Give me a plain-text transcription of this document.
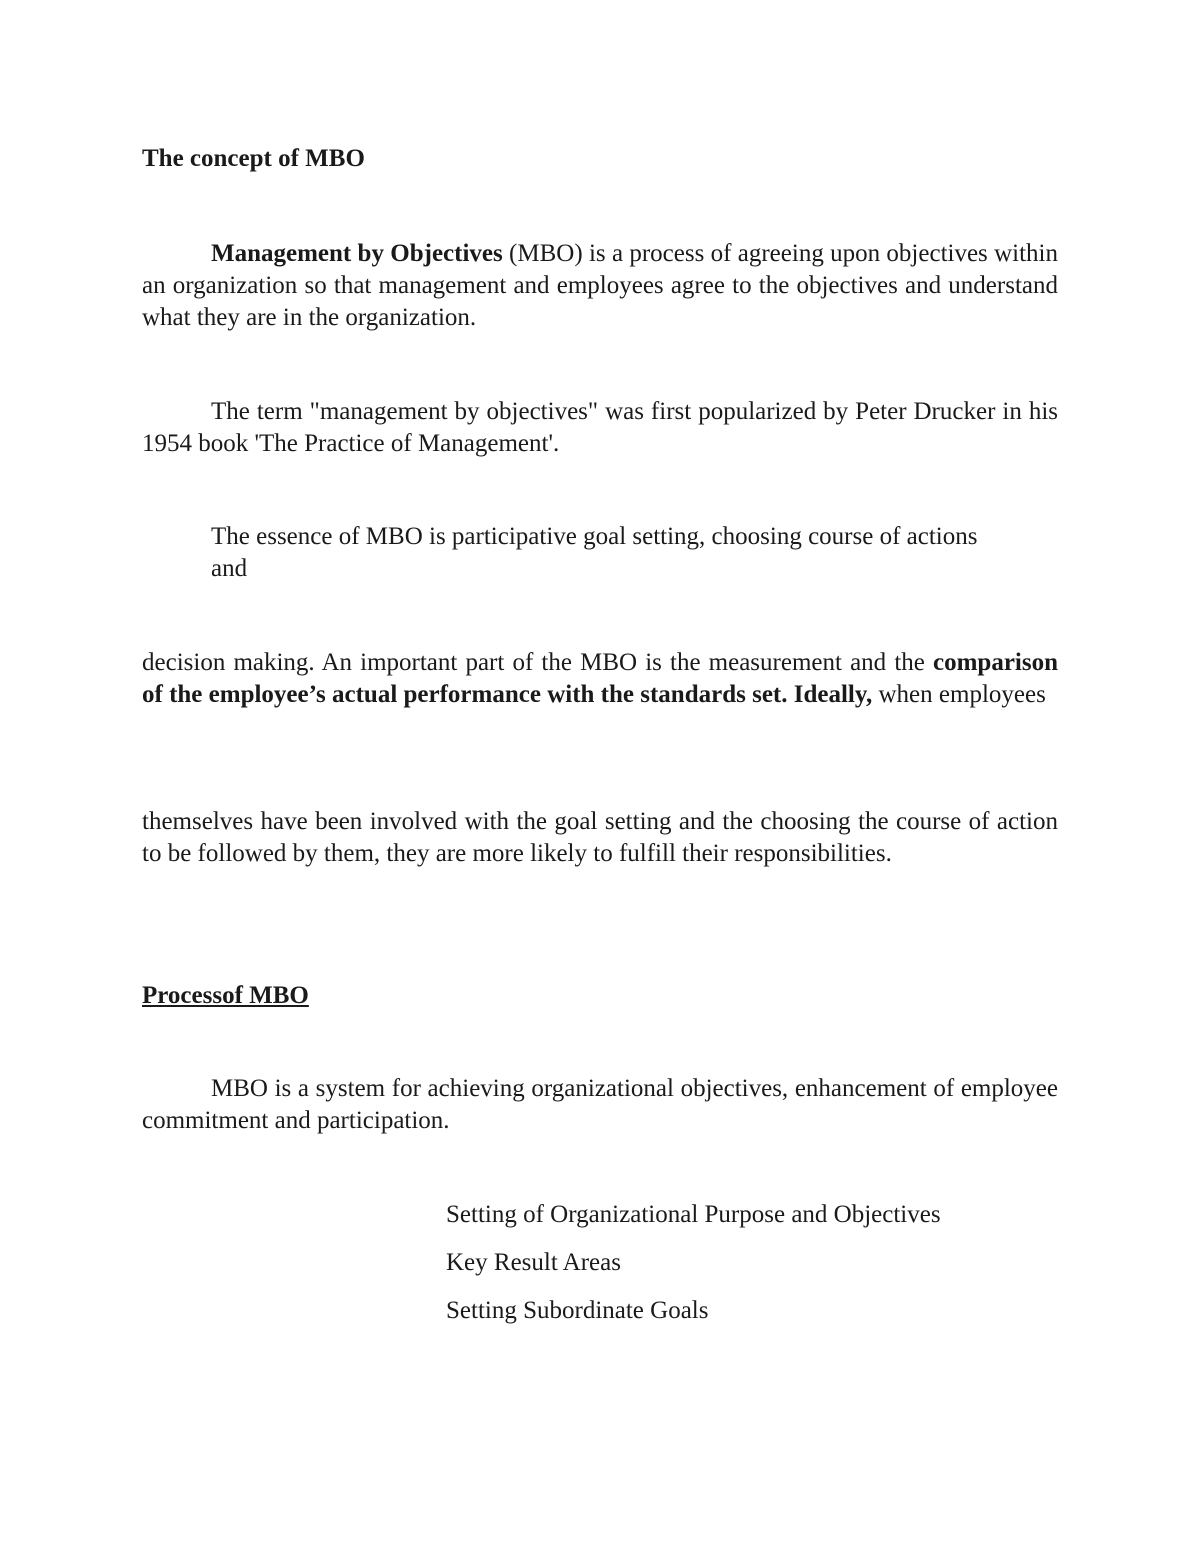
The concept of MBO
Management by Objectives (MBO) is a process of agreeing upon objectives within an organization so that management and employees agree to the objectives and understand what they are in the organization.
The term "management by objectives" was first popularized by Peter Drucker in his 1954 book 'The Practice of Management'.
The essence of MBO is participative goal setting, choosing course of actions
and
decision making. An important part of the MBO is the measurement and the comparison of the employee’s actual performance with the standards set. Ideally, when employees
themselves have been involved with the goal setting and the choosing the course of action to be followed by them, they are more likely to fulfill their responsibilities.
Processof MBO
MBO is a system for achieving organizational objectives, enhancement of employee commitment and participation.
Setting of Organizational Purpose and Objectives
Key Result Areas
Setting Subordinate Goals
